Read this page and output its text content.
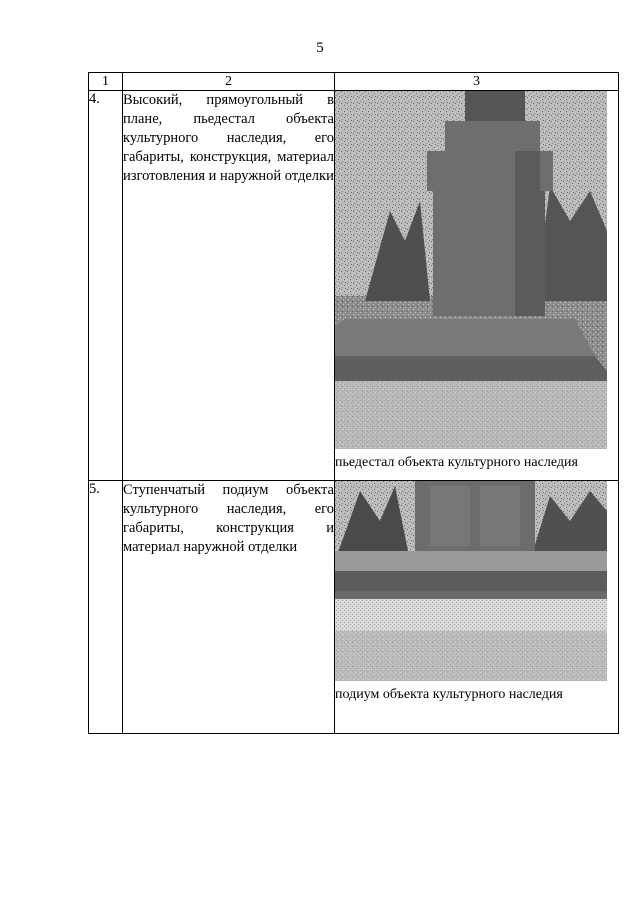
5
1	2	3
4.	Высокий, прямоугольный в плане, пьедестал объекта культурного наследия, его габариты, конструкция, материал изготовления и наружной отделки	пьедестал объекта культурного наследия

5.	Ступенчатый подиум объекта культурного наследия, его габариты, конструкция и материал наружной отделки	подиум объекта культурного наследия
